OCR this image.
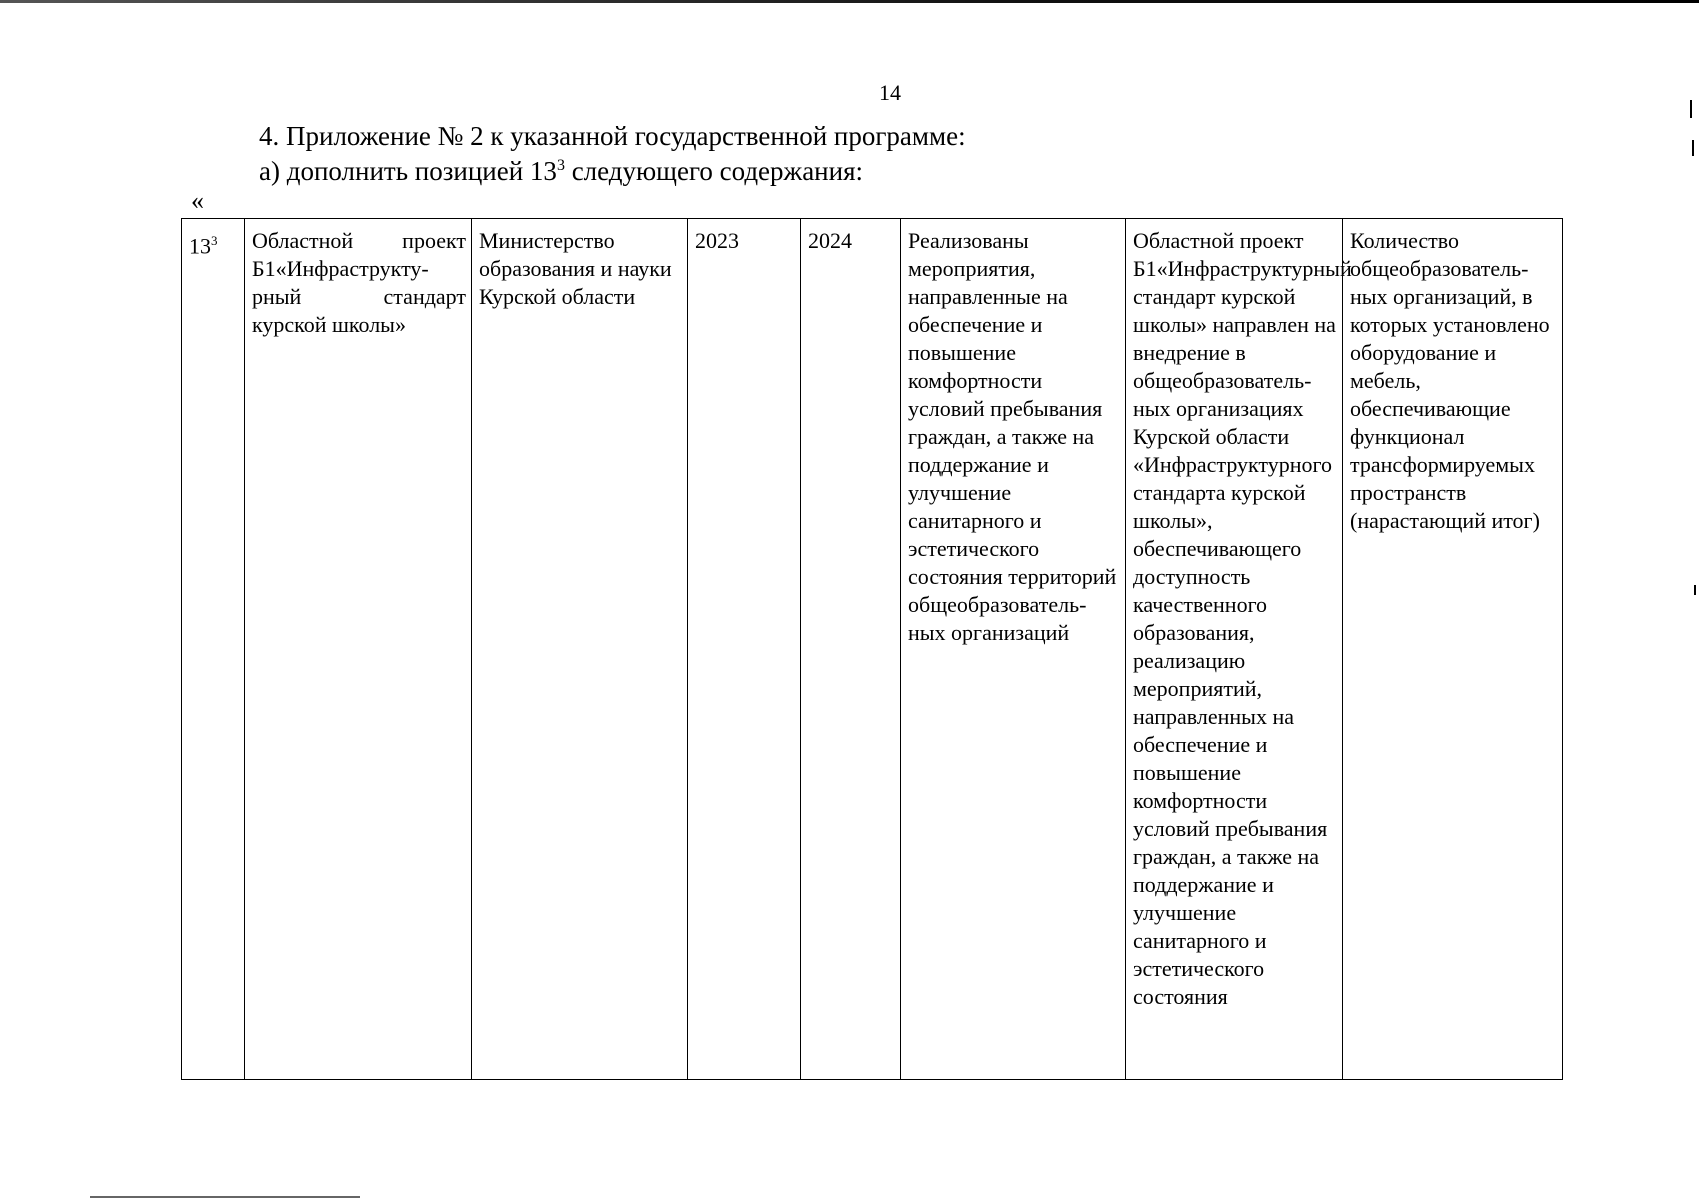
14
4. Приложение № 2 к указанной государственной программе:
а) дополнить позицией $13^3$ следующего содержания:
«
$13^3$	Областной проект Б1«Инфраструкту-рный стандарт курской школы»	Министерство образования и науки Курской области	2023	2024	Реализованы мероприятия, направленные на обеспечение и повышение комфортности условий пребывания граждан, а также на поддержание и улучшение санитарного и эстетического состояния территорий общеобразователь-ных организаций	Областной проект Б1«Инфраструктурный стандарт курской школы» направлен на внедрение в общеобразователь-ных организациях Курской области «Инфраструктурного стандарта курской школы», обеспечивающего доступность качественного образования, реализацию мероприятий, направленных на обеспечение и повышение комфортности условий пребывания граждан, а также на поддержание и улучшение санитарного и эстетического состояния	Количество общеобразователь-ных организаций, в которых установлено оборудование и мебель, обеспечивающие функционал трансформируемых пространств (нарастающий итог)
